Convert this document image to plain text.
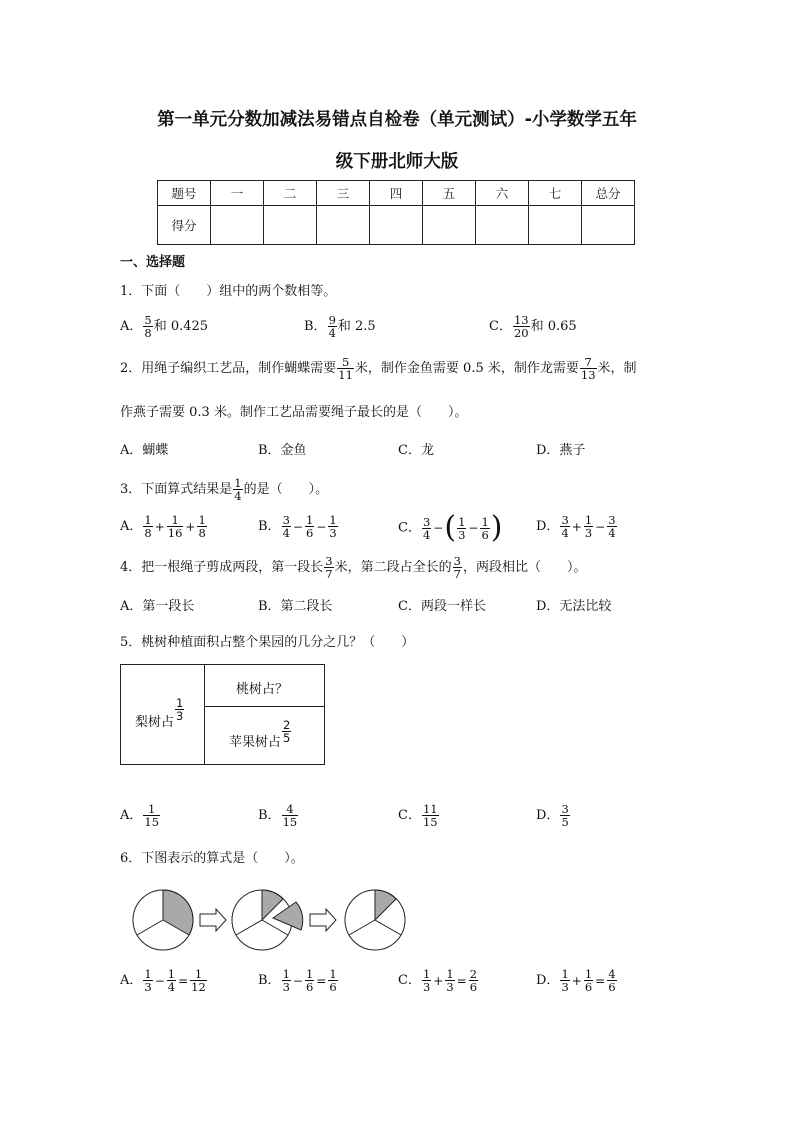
第一单元分数加减法易错点自检卷（单元测试）-小学数学五年
级下册北师大版
题号	一	二	三	四	五	六	七	总分
得分								
一、选择题
1．下面（　　）组中的两个数相等。
A． $\frac{5}{8}$ 和 0.425	B． $\frac{9}{4}$ 和 2.5	C． $\frac{13}{20}$ 和 0.65
2．用绳子编织工艺品，制作蝴蝶需要 $\frac{5}{11}$ 米，制作金鱼需要 0.5 米，制作龙需要 $\frac{7}{13}$ 米，制
作燕子需要 0.3 米。制作工艺品需要绳子最长的是（　　）。
A．蝴蝶	B．金鱼	C．龙	D．燕子
3．下面算式结果是 $\frac{1}{4}$ 的是（　　）。
A． $\frac{1}{8} + \frac{1}{16} + \frac{1}{8}$	B． $\frac{3}{4} - \frac{1}{6} - \frac{1}{3}$	C． $\frac{3}{4}$ −( $\frac{1}{3} - \frac{1}{6}$ )	D． $\frac{3}{4} + \frac{1}{3} - \frac{3}{4}$
4．把一根绳子剪成两段，第一段长 $\frac{3}{7}$ 米，第二段占全长的 $\frac{3}{7}$ ，两段相比（　　）。
A．第一段长	B．第二段长	C．两段一样长	D．无法比较
5．桃树种植面积占整个果园的几分之几？（　　）
梨树占
$\frac{1}{3}$
桃树占？
苹果树占 $\frac{2}{5}$
A． $\frac{1}{15}$	B． $\frac{4}{15}$	C． $\frac{11}{15}$	D． $\frac{3}{5}$
6．下图表示的算式是（　　）。
A． $\frac{1}{3} - \frac{1}{4} = \frac{1}{12}$	B． $\frac{1}{3} - \frac{1}{6} = \frac{1}{6}$	C． $\frac{1}{3} + \frac{1}{3} = \frac{2}{6}$	D． $\frac{1}{3} + \frac{1}{6} = \frac{4}{6}$
